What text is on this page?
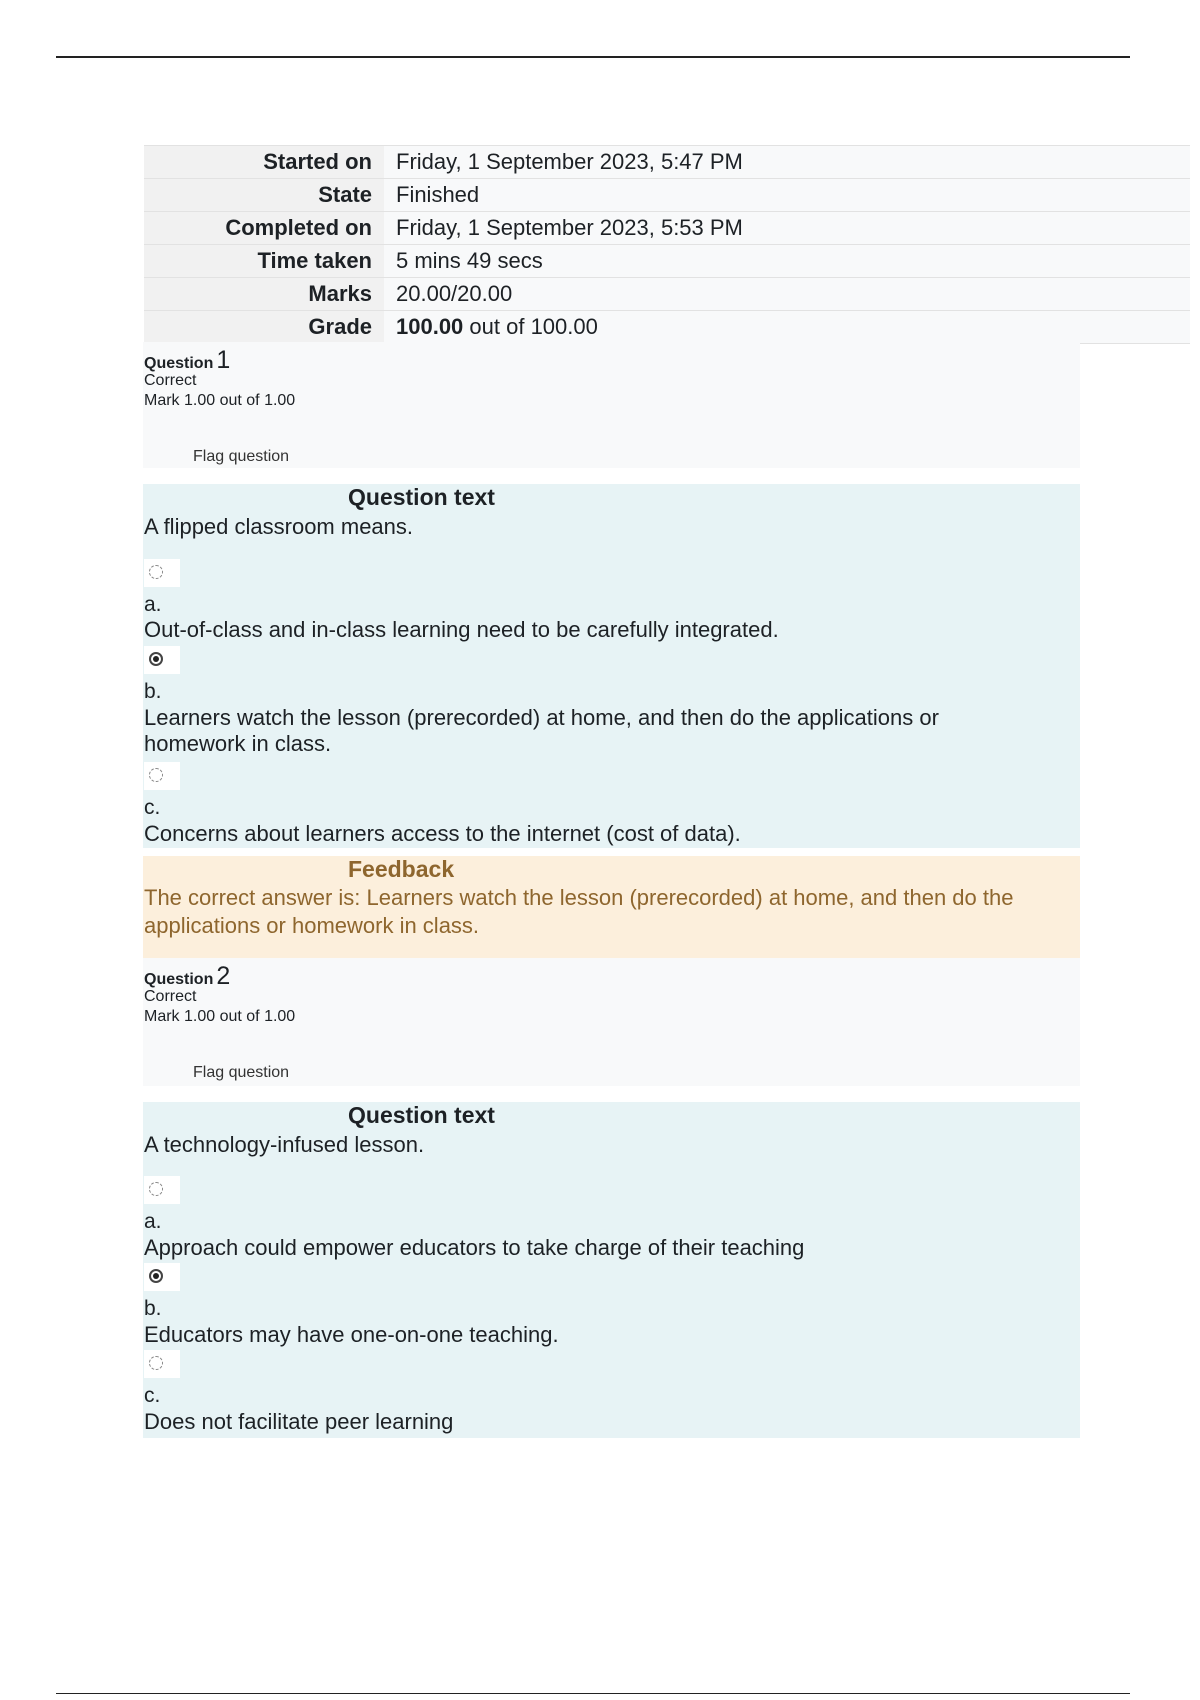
Started on	Friday, 1 September 2023, 5:47 PM
State	Finished
Completed on	Friday, 1 September 2023, 5:53 PM
Time taken	5 mins 49 secs
Marks	20.00/20.00
Grade	100.00 out of 100.00
Question 1
Correct
Mark 1.00 out of 1.00
Flag question
Question text
A flipped classroom means.
a.
Out-of-class and in-class learning need to be carefully integrated.
b.
Learners watch the lesson (prerecorded) at home, and then do the applications or homework in class.
c.
Concerns about learners access to the internet (cost of data).
Feedback
The correct answer is: Learners watch the lesson (prerecorded) at home, and then do the applications or homework in class.
Question 2
Correct
Mark 1.00 out of 1.00
Flag question
Question text
A technology-infused lesson.
a.
Approach could empower educators to take charge of their teaching
b.
Educators may have one-on-one teaching.
c.
Does not facilitate peer learning
